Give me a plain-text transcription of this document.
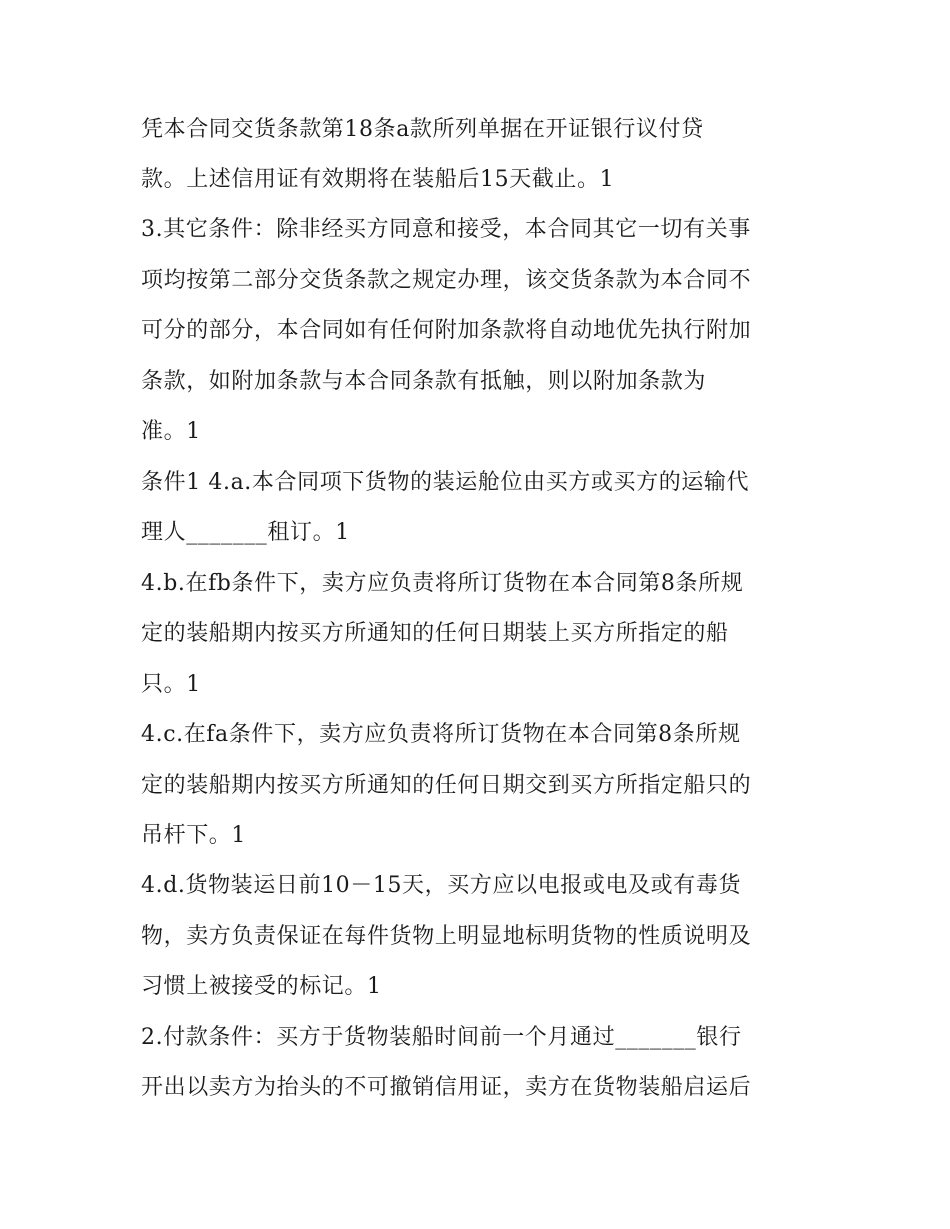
凭本合同交货条款第18条a款所列单据在开证银行议付贷
款。上述信用证有效期将在装船后15天截止。1
3.其它条件：除非经买方同意和接受，本合同其它一切有关事
项均按第二部分交货条款之规定办理，该交货条款为本合同不
可分的部分，本合同如有任何附加条款将自动地优先执行附加
条款，如附加条款与本合同条款有抵触，则以附加条款为
准。1
条件1 4.a.本合同项下货物的装运舱位由买方或买方的运输代
理人_______租订。1
4.b.在fb条件下，卖方应负责将所订货物在本合同第8条所规
定的装船期内按买方所通知的任何日期装上买方所指定的船
只。1
4.c.在fa条件下，卖方应负责将所订货物在本合同第8条所规
定的装船期内按买方所通知的任何日期交到买方所指定船只的
吊杆下。1
4.d.货物装运日前10－15天，买方应以电报或电及或有毒货
物，卖方负责保证在每件货物上明显地标明货物的性质说明及
习惯上被接受的标记。1
2.付款条件：买方于货物装船时间前一个月通过_______银行
开出以卖方为抬头的不可撤销信用证，卖方在货物装船启运后
